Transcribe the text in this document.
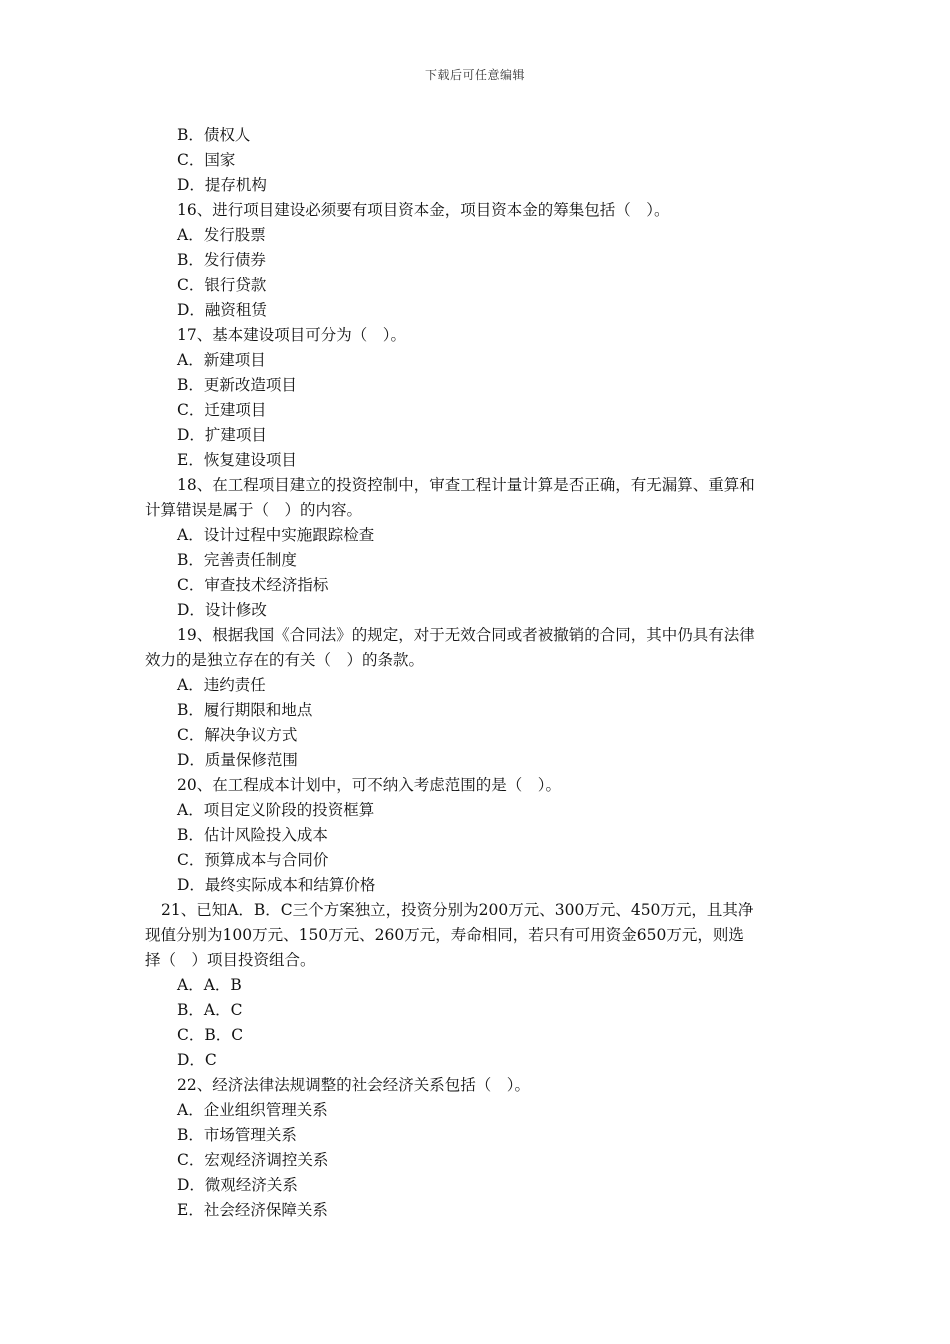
下载后可任意编辑
B．债权人
C．国家
D．提存机构
16、进行项目建设必须要有项目资本金，项目资本金的筹集包括（　）。
A．发行股票
B．发行债券
C．银行贷款
D．融资租赁
17、基本建设项目可分为（　）。
A．新建项目
B．更新改造项目
C．迁建项目
D．扩建项目
E．恢复建设项目
18、在工程项目建立的投资控制中，审查工程计量计算是否正确，有无漏算、重算和
计算错误是属于（　）的内容。
A．设计过程中实施跟踪检查
B．完善责任制度
C．审查技术经济指标
D．设计修改
19、根据我国《合同法》的规定，对于无效合同或者被撤销的合同，其中仍具有法律
效力的是独立存在的有关（　）的条款。
A．违约责任
B．履行期限和地点
C．解决争议方式
D．质量保修范围
20、在工程成本计划中，可不纳入考虑范围的是（　）。
A．项目定义阶段的投资框算
B．估计风险投入成本
C．预算成本与合同价
D．最终实际成本和结算价格
21、已知A．B．C三个方案独立，投资分别为200万元、300万元、450万元，且其净
现值分别为100万元、150万元、260万元，寿命相同，若只有可用资金650万元，则选
择（　）项目投资组合。
A．A．B
B．A．C
C．B．C
D．C
22、经济法律法规调整的社会经济关系包括（　）。
A．企业组织管理关系
B．市场管理关系
C．宏观经济调控关系
D．微观经济关系
E．社会经济保障关系
